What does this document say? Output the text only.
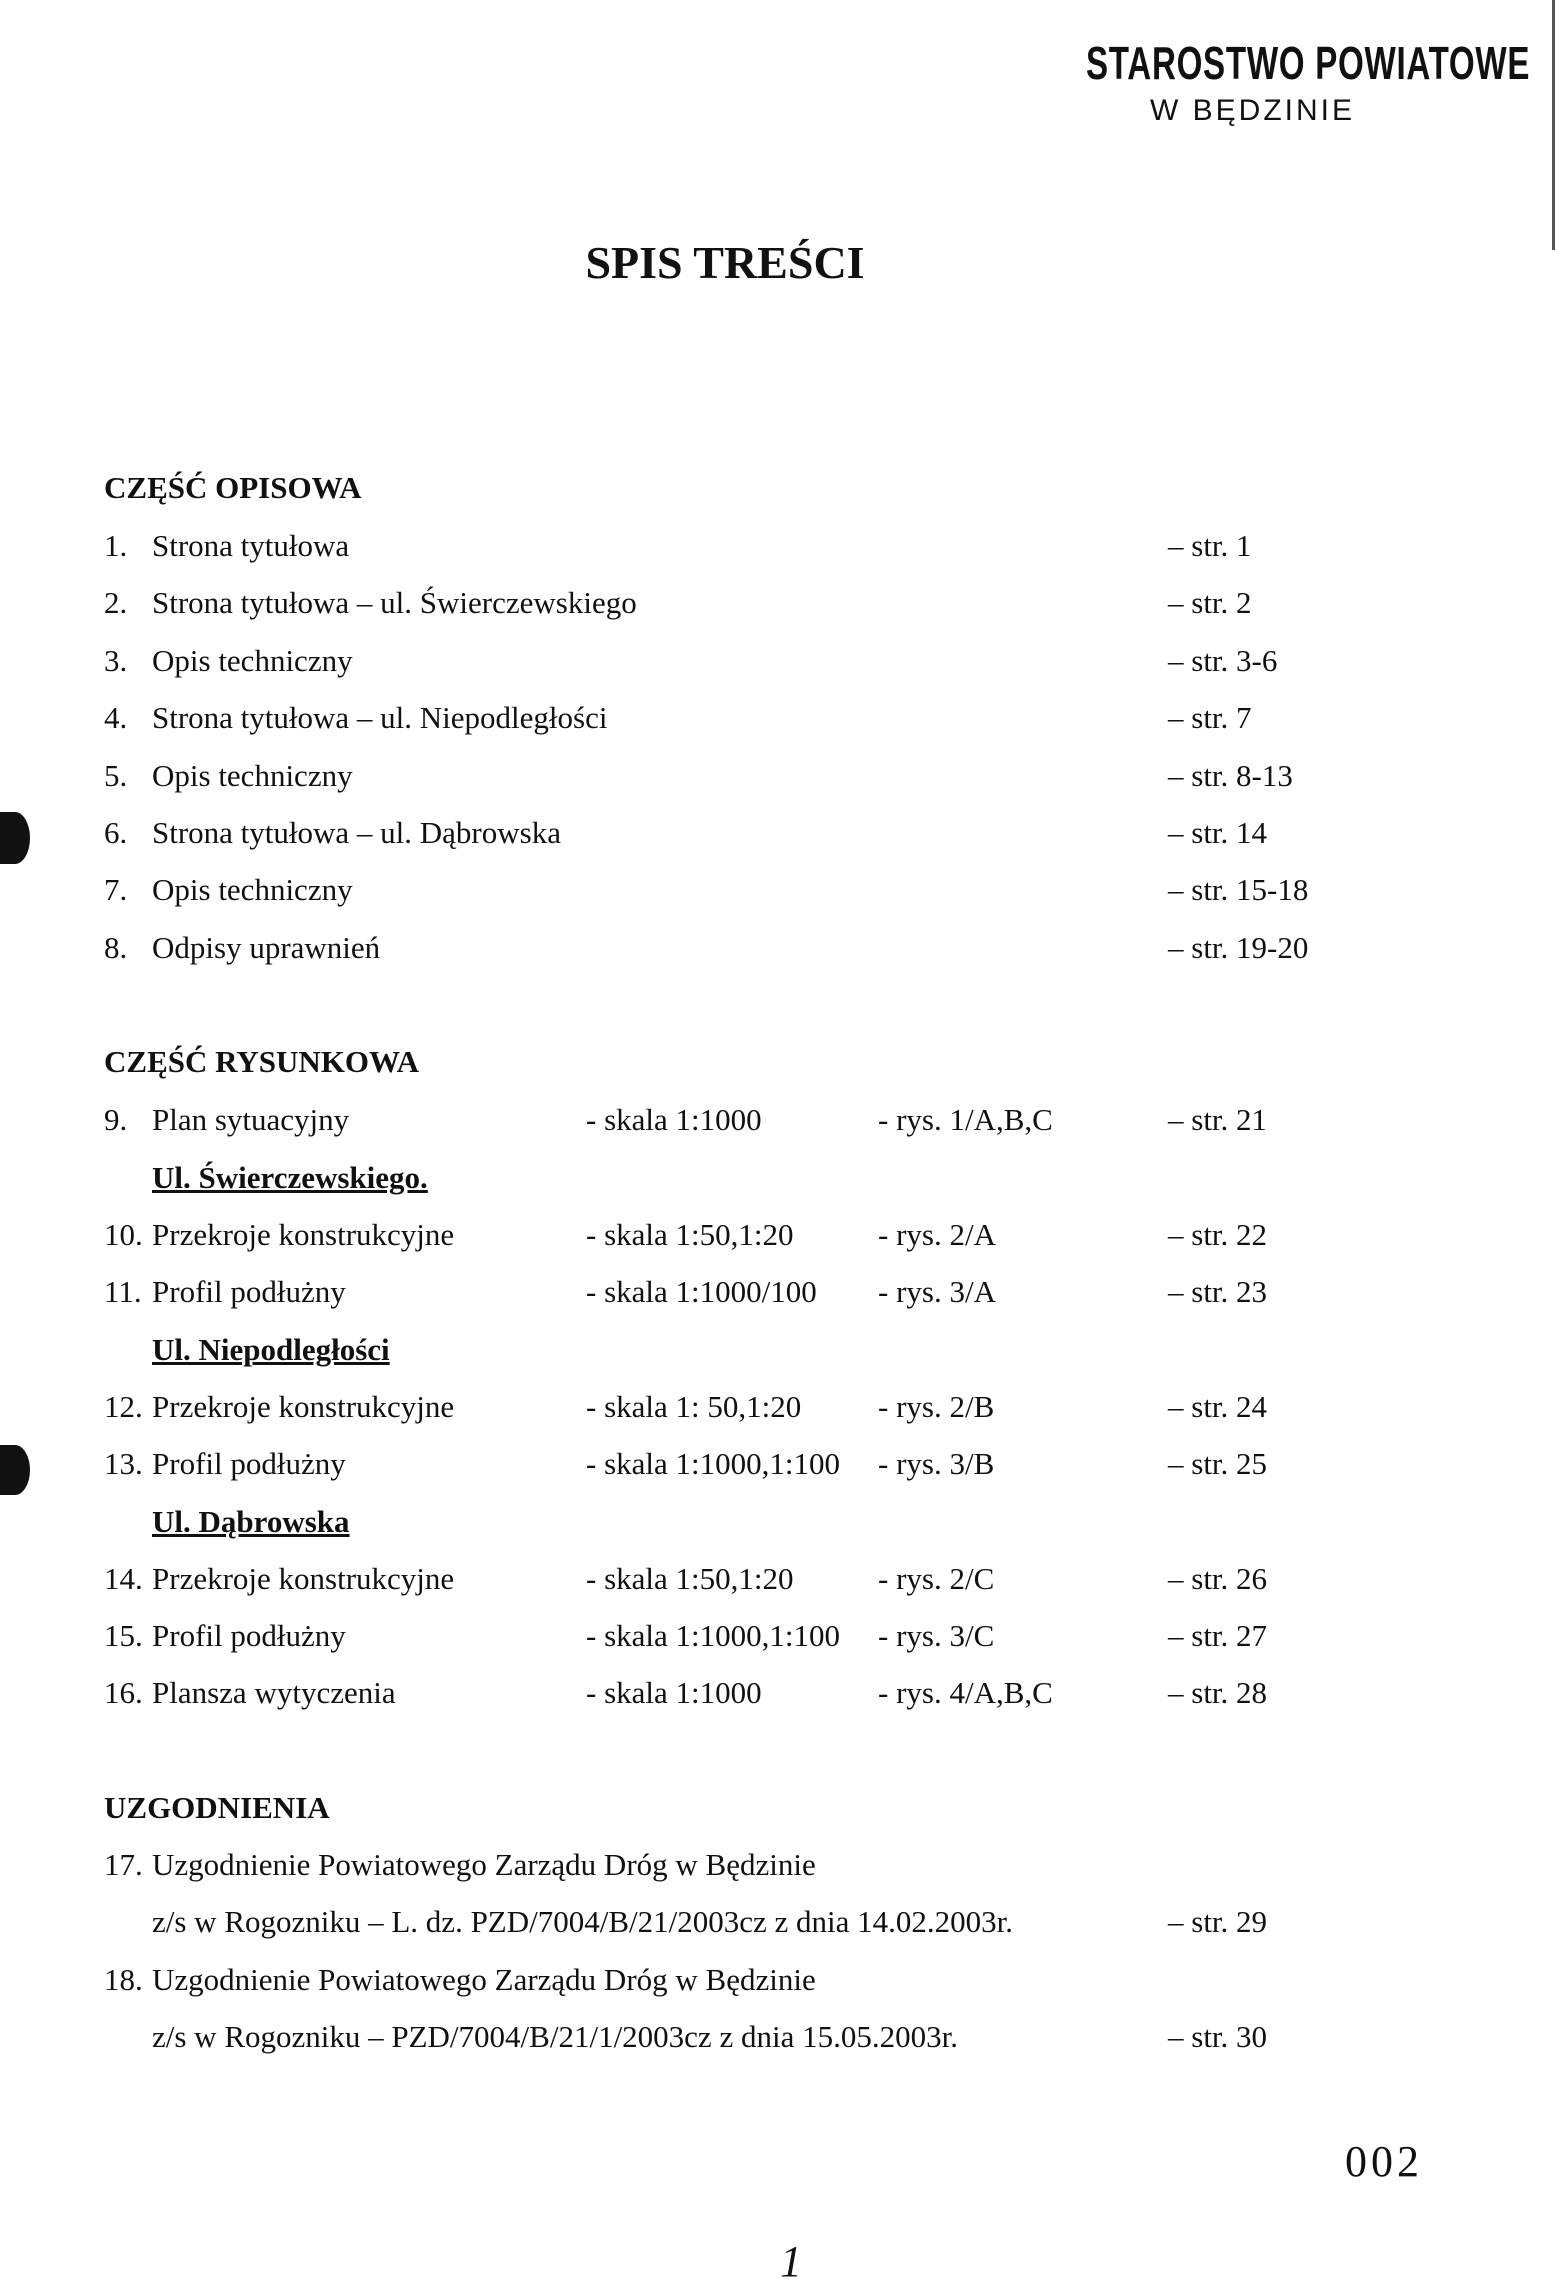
STAROSTWO POWIATOWE
W BĘDZINIE
SPIS TREŚCI
CZĘŚĆ OPISOWA
1. Strona tytułowa	– str. 1
2. Strona tytułowa – ul. Świerczewskiego	– str. 2
3. Opis techniczny	– str. 3-6
4. Strona tytułowa – ul. Niepodległości	– str. 7
5. Opis techniczny	– str. 8-13
6. Strona tytułowa – ul. Dąbrowska	– str. 14
7. Opis techniczny	– str. 15-18
8. Odpisy uprawnień	– str. 19-20
CZĘŚĆ RYSUNKOWA
9. Plan sytuacyjny	- skala 1:1000	- rys. 1/A,B,C	– str. 21
Ul. Świerczewskiego.
10. Przekroje konstrukcyjne	- skala 1:50,1:20	- rys. 2/A	– str. 22
11. Profil podłużny	- skala 1:1000/100 - rys. 3/A	– str. 23
Ul. Niepodległości
12. Przekroje konstrukcyjne	- skala 1: 50,1:20 - rys. 2/B	– str. 24
13. Profil podłużny	- skala 1:1000,1:100 - rys. 3/B	– str. 25
Ul. Dąbrowska
14. Przekroje konstrukcyjne	- skala 1:50,1:20	- rys. 2/C	– str. 26
15. Profil podłużny	- skala 1:1000,1:100 - rys. 3/C	– str. 27
16. Plansza wytyczenia	- skala 1:1000	- rys. 4/A,B,C	– str. 28
UZGODNIENIA
17. Uzgodnienie Powiatowego Zarządu Dróg w Będzinie
z/s w Rogozniku – L. dz. PZD/7004/B/21/2003cz z dnia 14.02.2003r.	– str. 29
18. Uzgodnienie Powiatowego Zarządu Dróg w Będzinie
z/s w Rogozniku – PZD/7004/B/21/1/2003cz z dnia 15.05.2003r.	– str. 30
002
1
